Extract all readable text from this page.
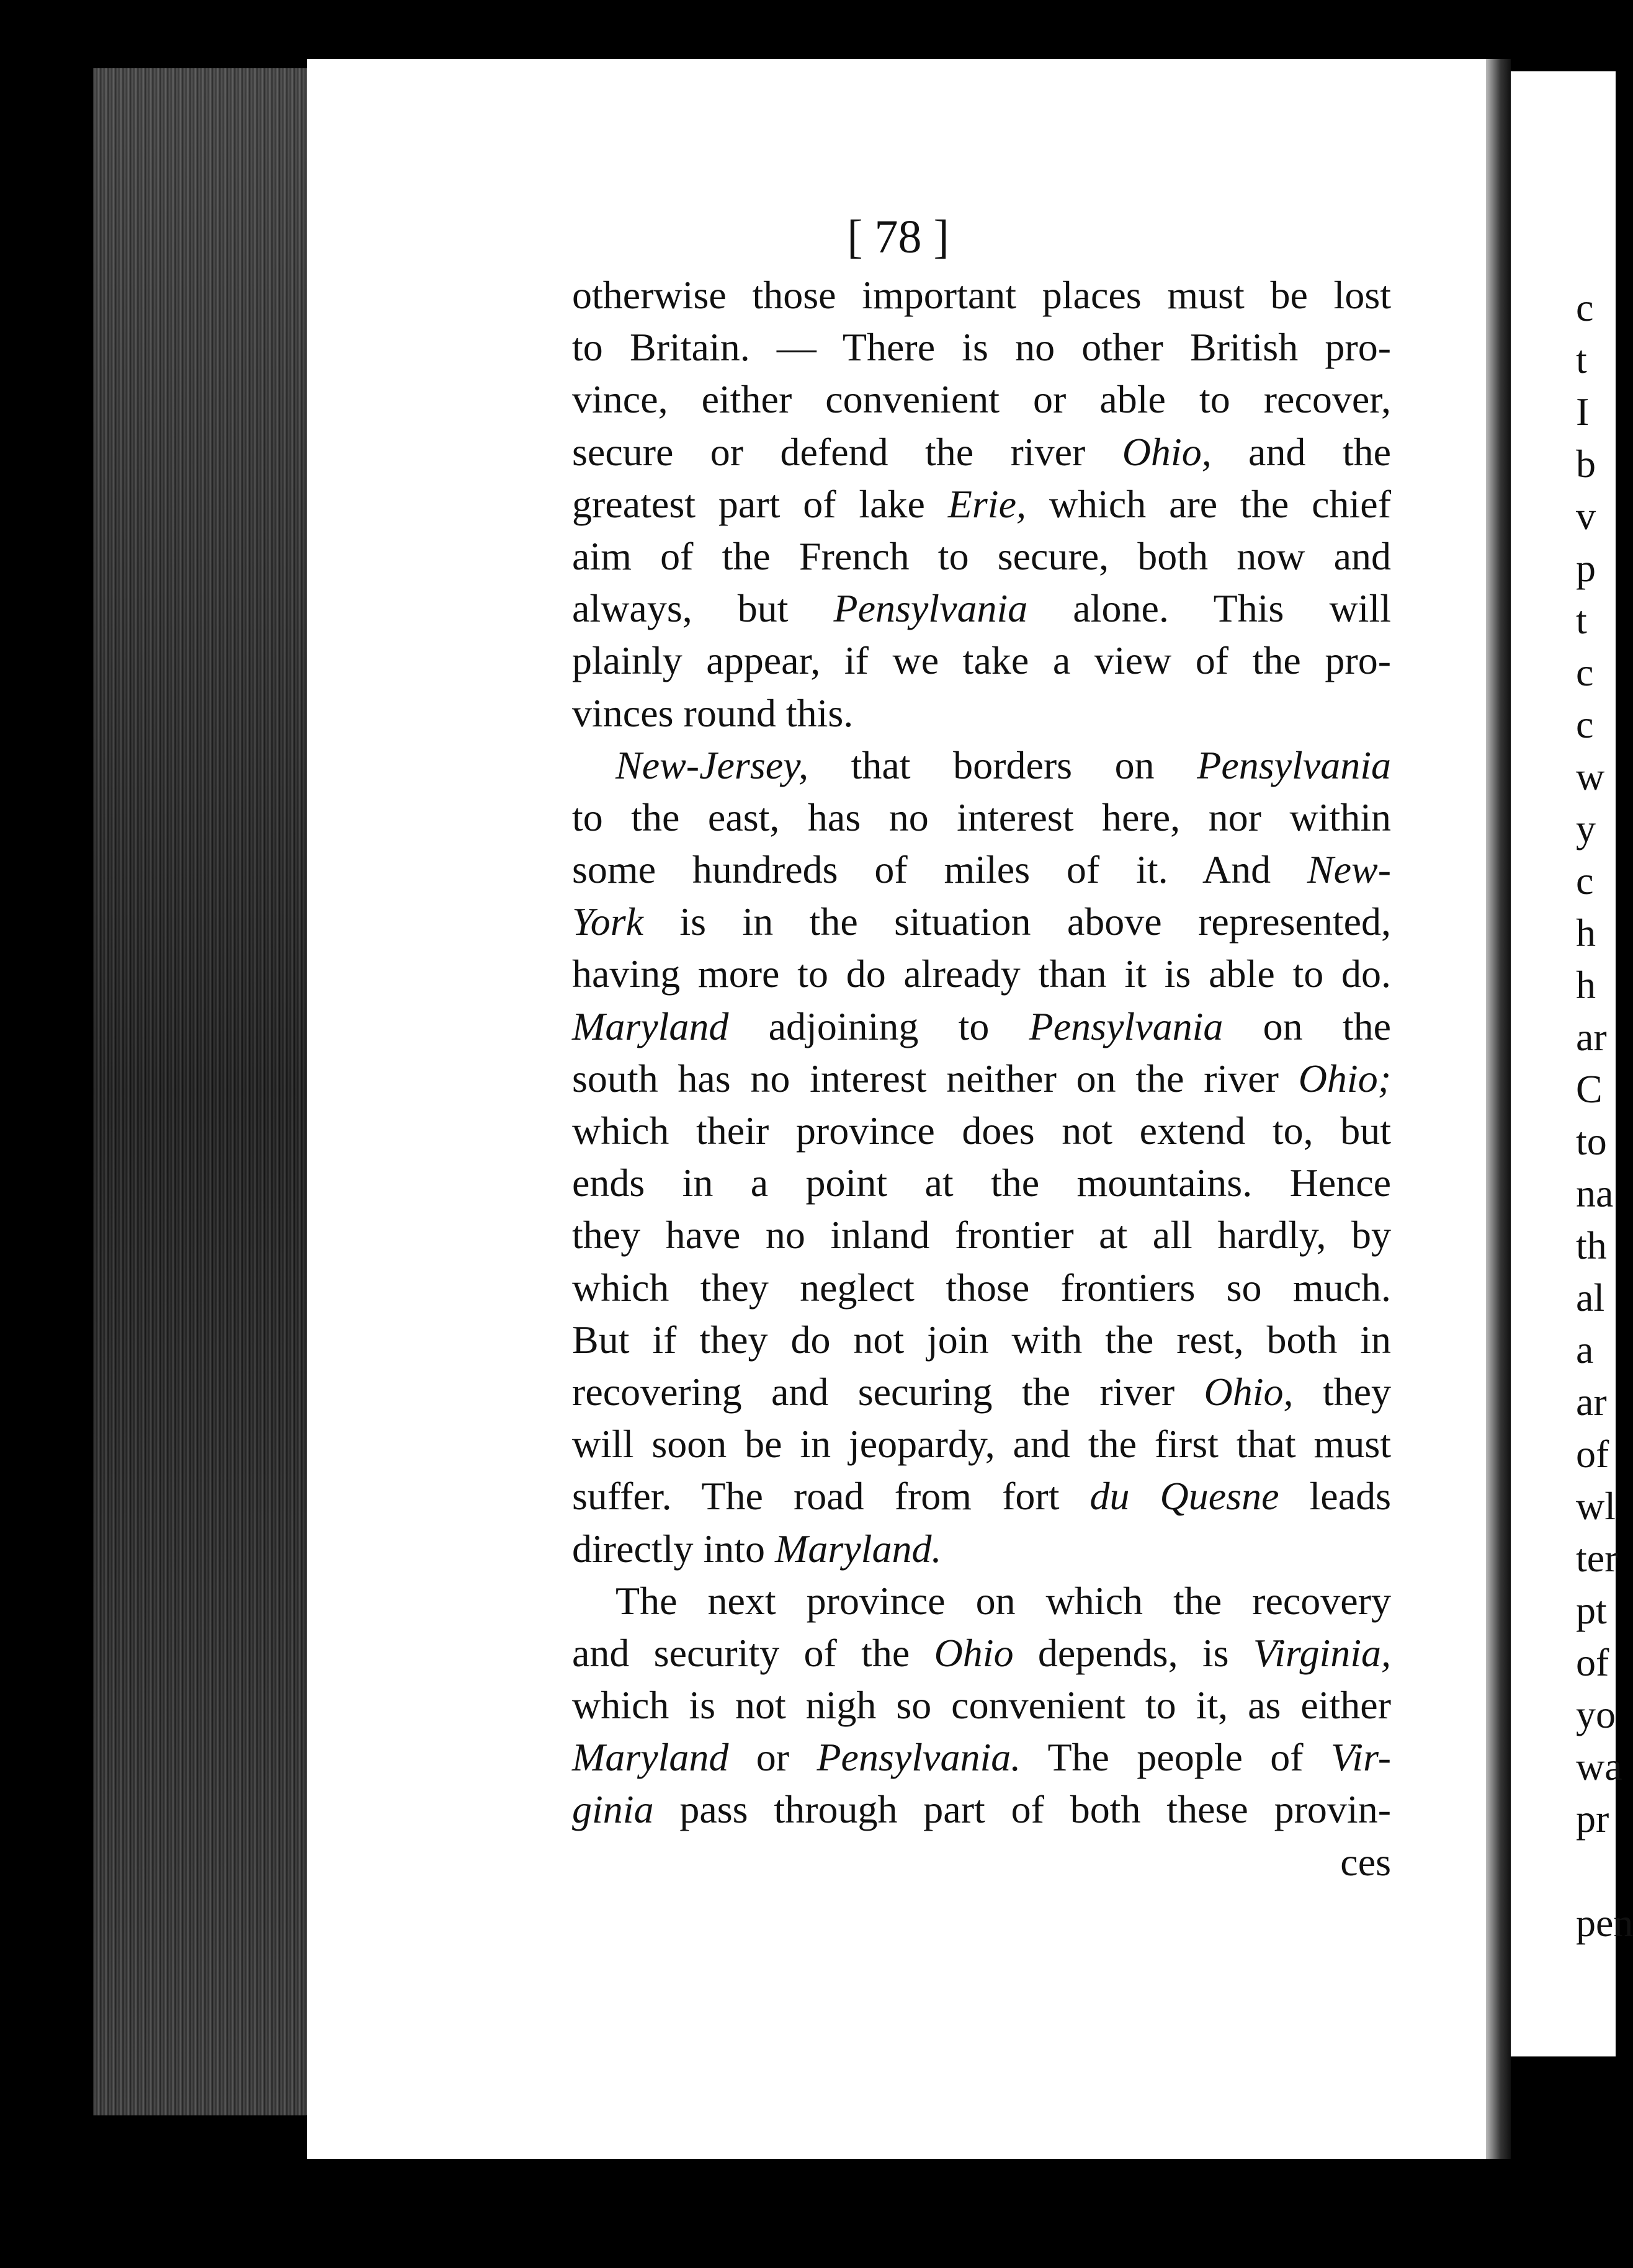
c
t
I
b
v
p
t
c
c
w
y
c
h
h
ar
C
to
na
th
al
a
ar
of
wl
ter
pt
of
yo
wa
pr
pen
[ 78 ]
otherwise those important places must be lost
to Britain. — There is no other British pro-
vince, either convenient or able to recover,
secure or defend the river Ohio, and the
greatest part of lake Erie, which are the chief
aim of the French to secure, both now and
always, but Pensylvania alone. This will
plainly appear, if we take a view of the pro-
vinces round this.
New-Jersey, that borders on Pensylvania
to the east, has no interest here, nor within
some hundreds of miles of it. And New-
York is in the situation above represented,
having more to do already than it is able to do.
Maryland adjoining to Pensylvania on the
south has no interest neither on the river Ohio;
which their province does not extend to, but
ends in a point at the mountains. Hence
they have no inland frontier at all hardly, by
which they neglect those frontiers so much.
But if they do not join with the rest, both in
recovering and securing the river Ohio, they
will soon be in jeopardy, and the first that must
suffer. The road from fort du Quesne leads
directly into Maryland.
The next province on which the recovery
and security of the Ohio depends, is Virginia,
which is not nigh so convenient to it, as either
Maryland or Pensylvania. The people of Vir-
ginia pass through part of both these provin-
ces
